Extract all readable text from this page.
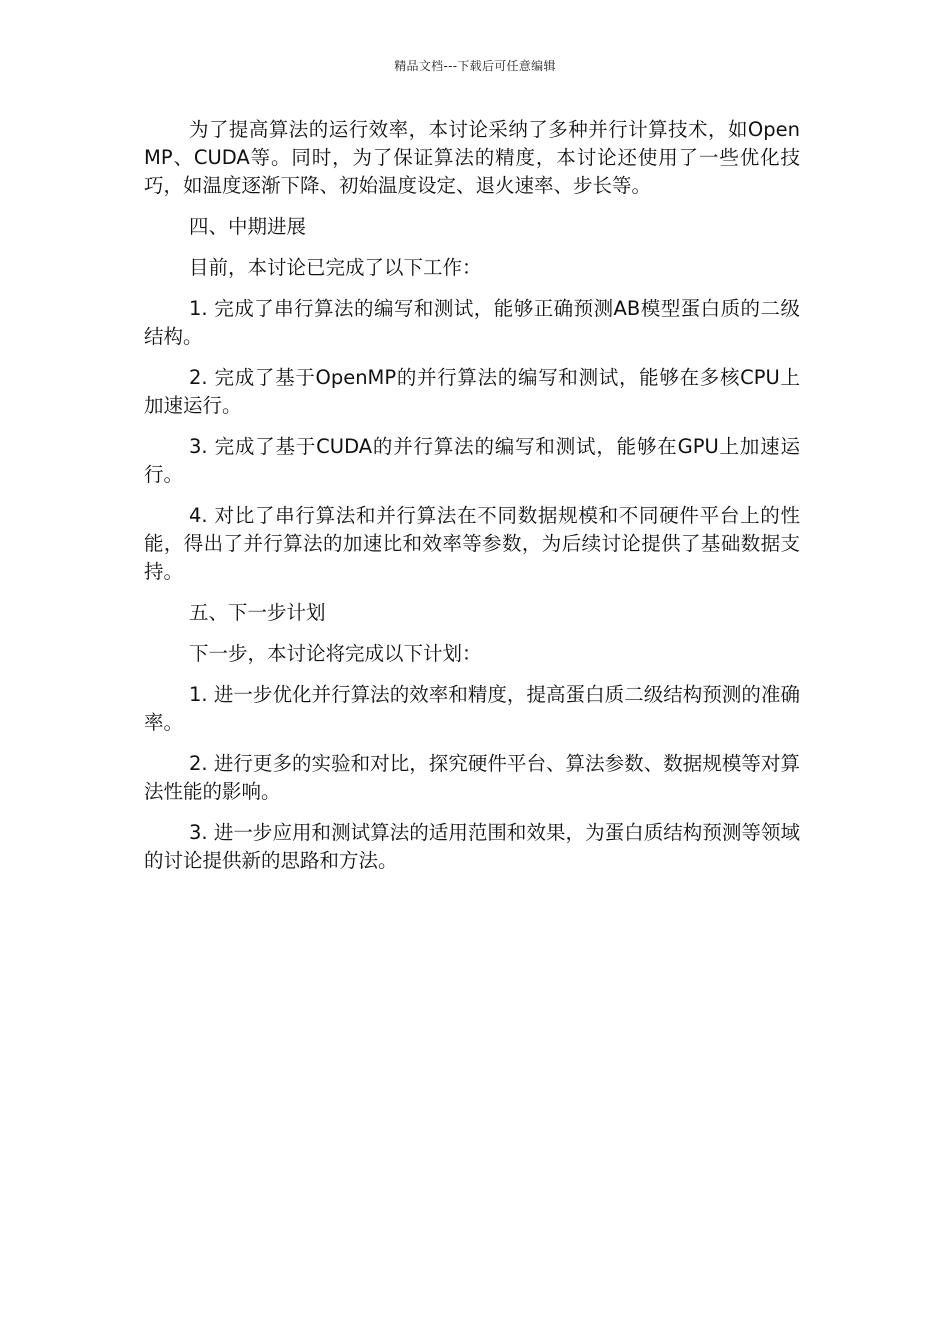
精品文档---下载后可任意编辑

为了提高算法的运行效率，本讨论采纳了多种并行计算技术，如OpenMP、CUDA等。同时，为了保证算法的精度，本讨论还使用了一些优化技巧，如温度逐渐下降、初始温度设定、退火速率、步长等。

四、中期进展

目前，本讨论已完成了以下工作：

1. 完成了串行算法的编写和测试，能够正确预测AB模型蛋白质的二级结构。

2. 完成了基于OpenMP的并行算法的编写和测试，能够在多核CPU上加速运行。

3. 完成了基于CUDA的并行算法的编写和测试，能够在GPU上加速运行。

4. 对比了串行算法和并行算法在不同数据规模和不同硬件平台上的性能，得出了并行算法的加速比和效率等参数，为后续讨论提供了基础数据支持。

五、下一步计划

下一步，本讨论将完成以下计划：

1. 进一步优化并行算法的效率和精度，提高蛋白质二级结构预测的准确率。

2. 进行更多的实验和对比，探究硬件平台、算法参数、数据规模等对算法性能的影响。

3. 进一步应用和测试算法的适用范围和效果，为蛋白质结构预测等领域的讨论提供新的思路和方法。
